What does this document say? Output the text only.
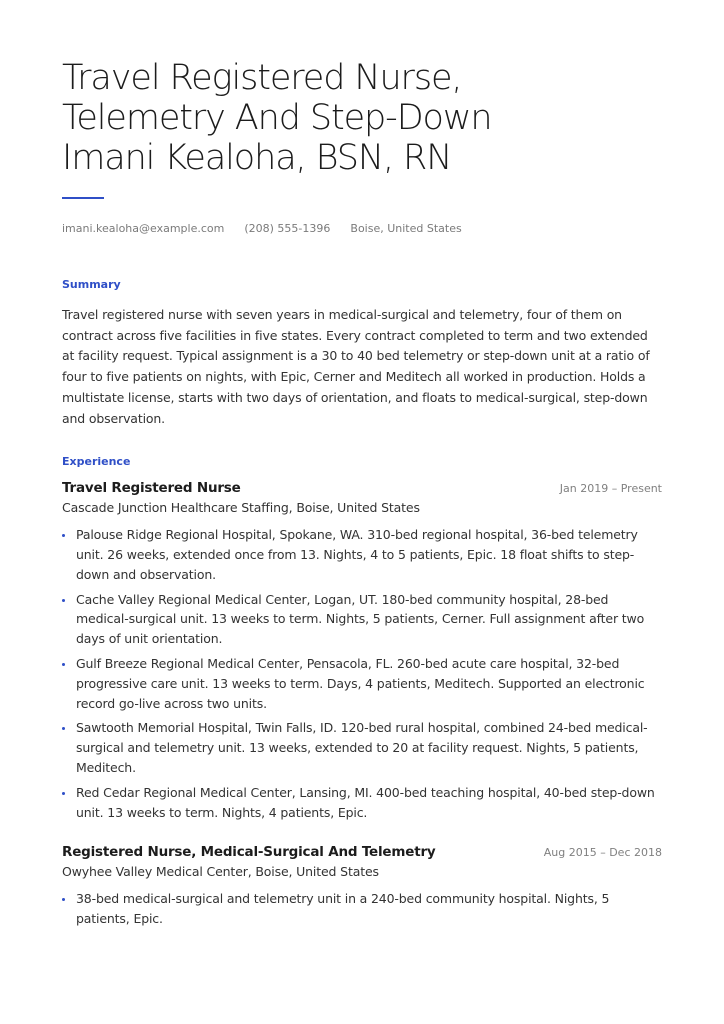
Travel Registered Nurse,
Telemetry And Step-Down
Imani Kealoha, BSN, RN
imani.kealoha@example.com (208) 555-1396 Boise, United States
Summary

Travel registered nurse with seven years in medical-surgical and telemetry, four of them on contract across five facilities in five states. Every contract completed to term and two extended at facility request. Typical assignment is a 30 to 40 bed telemetry or step-down unit at a ratio of four to five patients on nights, with Epic, Cerner and Meditech all worked in production. Holds a multistate license, starts with two days of orientation, and floats to medical-surgical, step-down and observation.

Experience
Travel Registered Nurse	Jan 2019 – Present
Cascade Junction Healthcare Staffing, Boise, United States
Palouse Ridge Regional Hospital, Spokane, WA. 310-bed regional hospital, 36-bed telemetry unit. 26 weeks, extended once from 13. Nights, 4 to 5 patients, Epic. 18 float shifts to step-down and observation.
Cache Valley Regional Medical Center, Logan, UT. 180-bed community hospital, 28-bed medical-surgical unit. 13 weeks to term. Nights, 5 patients, Cerner. Full assignment after two days of unit orientation.
Gulf Breeze Regional Medical Center, Pensacola, FL. 260-bed acute care hospital, 32-bed progressive care unit. 13 weeks to term. Days, 4 patients, Meditech. Supported an electronic record go-live across two units.
Sawtooth Memorial Hospital, Twin Falls, ID. 120-bed rural hospital, combined 24-bed medical-surgical and telemetry unit. 13 weeks, extended to 20 at facility request. Nights, 5 patients, Meditech.
Red Cedar Regional Medical Center, Lansing, MI. 400-bed teaching hospital, 40-bed step-down unit. 13 weeks to term. Nights, 4 patients, Epic.
Registered Nurse, Medical-Surgical And Telemetry	Aug 2015 – Dec 2018
Owyhee Valley Medical Center, Boise, United States
38-bed medical-surgical and telemetry unit in a 240-bed community hospital. Nights, 5 patients, Epic.
